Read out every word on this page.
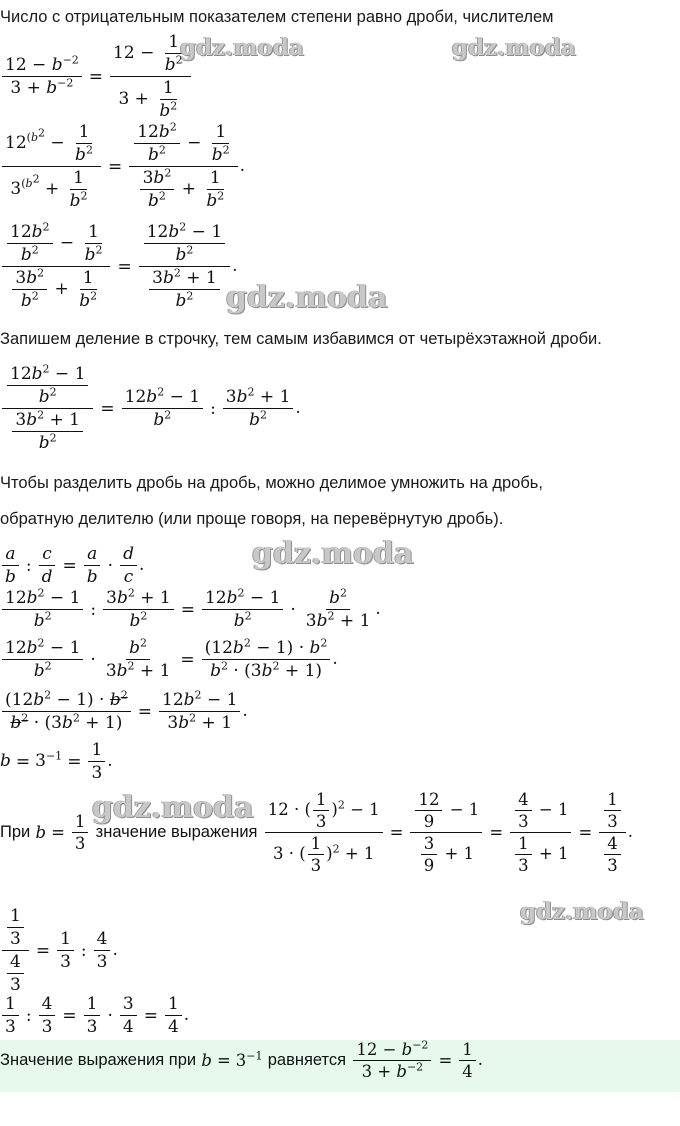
Число с отрицательным показателем степени равно дроби, числителем
$\frac{12 - b^{-2}}{3 + b^{-2}} = \frac{12 - \frac{1}{b^2}}{3 + \frac{1}{b^2}}$
$\frac{12^{(b^2} - \frac{1}{b^2}}{3^{(b^2} + \frac{1}{b^2}} = \frac{\frac{12b^2}{b^2} - \frac{1}{b^2}}{\frac{3b^2}{b^2} + \frac{1}{b^2}}$ .
$\frac{\frac{12b^2}{b^2} - \frac{1}{b^2}}{\frac{3b^2}{b^2} + \frac{1}{b^2}} = \frac{\frac{12b^2 - 1}{b^2}}{\frac{3b^2 + 1}{b^2}}$ .
Запишем деление в строчку, тем самым избавимся от четырёхэтажной дроби.
$\frac{\frac{12b^2 - 1}{b^2}}{\frac{3b^2 + 1}{b^2}} = \frac{12b^2 - 1}{b^2}$ : $\frac{3b^2 + 1}{b^2}$ .
Чтобы разделить дробь на дробь, можно делимое умножить на дробь,
обратную делителю (или проще говоря, на перевёрнутую дробь).
$\frac{a}{b}$ : $\frac{c}{d} = \frac{a}{b} \cdot \frac{d}{c}$ .
$\frac{12b^2 - 1}{b^2}$ : $\frac{3b^2 + 1}{b^2} = \frac{12b^2 - 1}{b^2} \cdot \frac{b^2}{3b^2 + 1}$ .
$\frac{12b^2 - 1}{b^2} \cdot \frac{b^2}{3b^2 + 1} = \frac{(12b^2 - 1) \cdot b^2}{b^2 \cdot (3b^2 + 1)}$ .
$\frac{(12b^2 - 1) \cdot b^2}{b^2 \cdot (3b^2 + 1)} = \frac{12b^2 - 1}{3b^2 + 1}$ .
$b = 3^{-1} = \frac{1}{3}$ .
При $b = \frac{1}{3}$ значение выражения $\frac{12 \cdot ( \frac{1}{3} )^2 - 1}{3 \cdot ( \frac{1}{3} )^2 + 1} = \frac{\frac{12}{9} - 1}{\frac{3}{9} + 1} = \frac{\frac{4}{3} - 1}{\frac{1}{3} + 1} = \frac{\frac{1}{3}}{\frac{4}{3}}$ .
$\frac{\frac{1}{3}}{\frac{4}{3}} = \frac{1}{3}$ : $\frac{4}{3}$ .
$\frac{1}{3}$ : $\frac{4}{3} = \frac{1}{3} \cdot \frac{3}{4} = \frac{1}{4}$ .
Значение выражения при $b = 3^{-1}$ равняется $\frac{12 - b^{-2}}{3 + b^{-2}} = \frac{1}{4}$ .
gdz.moda	gdz.moda
gdz.moda
gdz.moda
gdz.moda
gdz.moda
